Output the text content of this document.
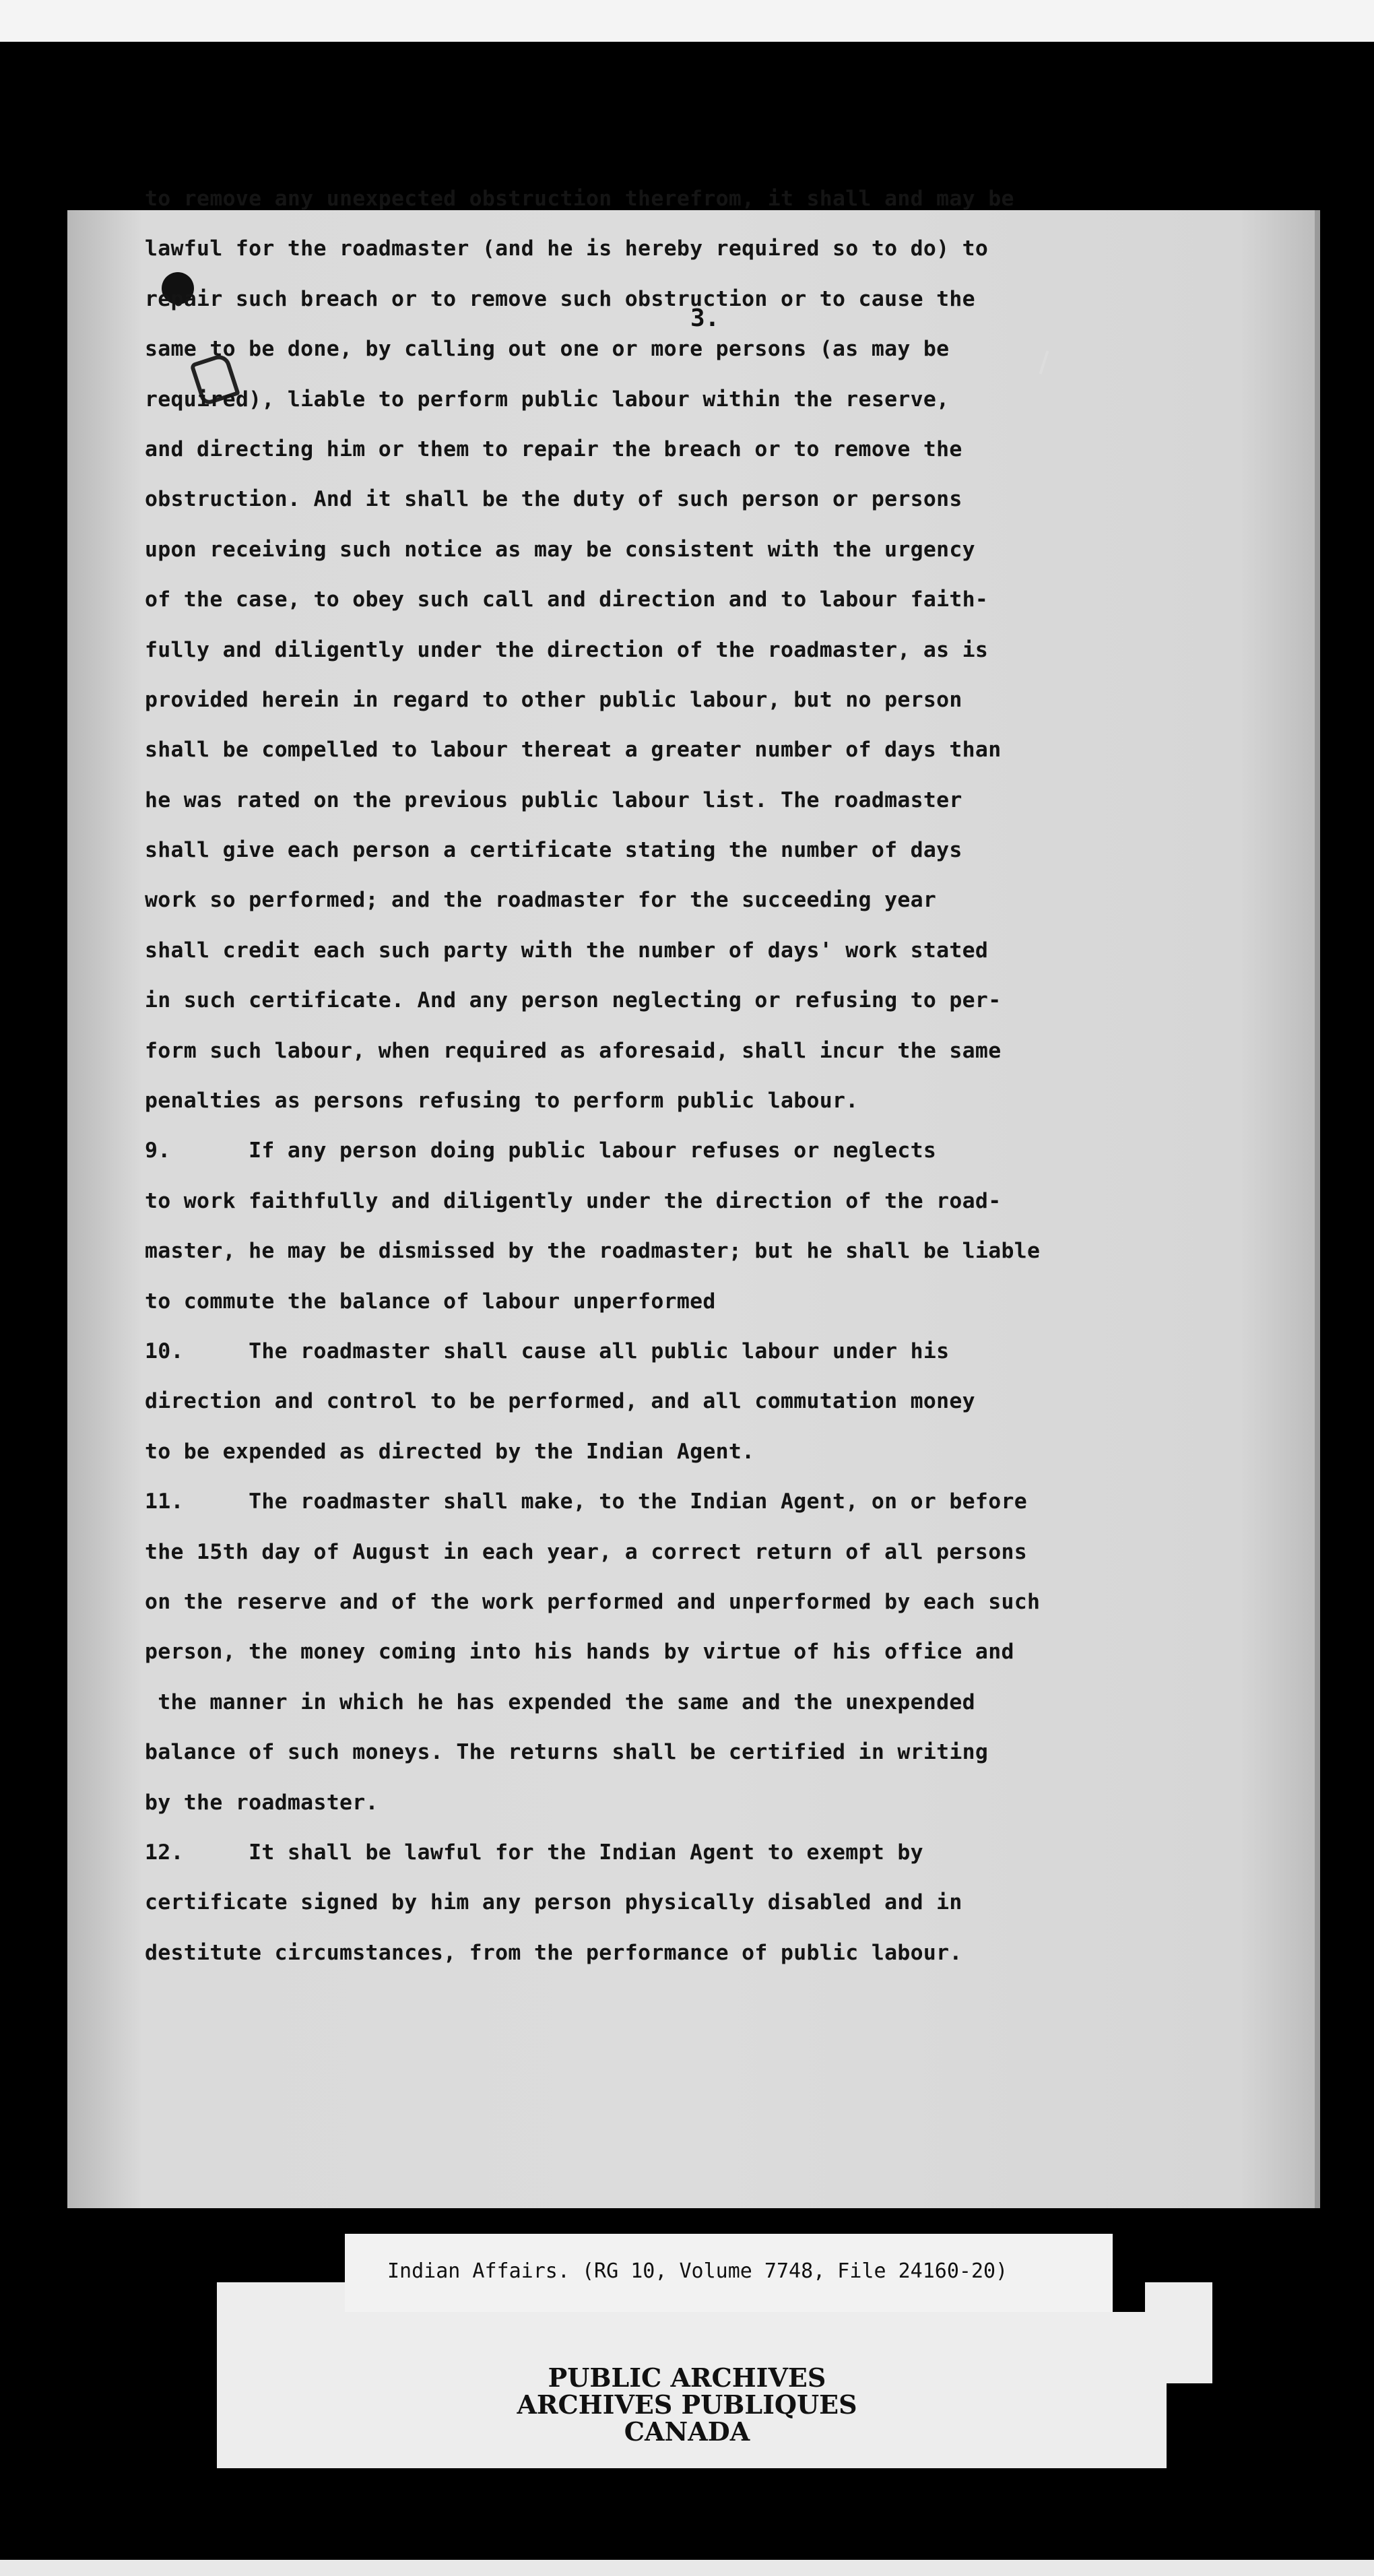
3.
to remove any unexpected obstruction therefrom, it shall and may be
lawful for the roadmaster (and he is hereby required so to do) to
repair such breach or to remove such obstruction or to cause the
same to be done, by calling out one or more persons (as may be
required), liable to perform public labour within the reserve,
and directing him or them to repair the breach or to remove the
obstruction. And it shall be the duty of such person or persons
upon receiving such notice as may be consistent with the urgency
of the case, to obey such call and direction and to labour faith-
fully and diligently under the direction of the roadmaster, as is
provided herein in regard to other public labour, but no person
shall be compelled to labour thereat a greater number of days than
he was rated on the previous public labour list. The roadmaster
shall give each person a certificate stating the number of days
work so performed; and the roadmaster for the succeeding year
shall credit each such party with the number of days' work stated
in such certificate. And any person neglecting or refusing to per-
form such labour, when required as aforesaid, shall incur the same
penalties as persons refusing to perform public labour.
9.      If any person doing public labour refuses or neglects
to work faithfully and diligently under the direction of the road-
master, he may be dismissed by the roadmaster; but he shall be liable
to commute the balance of labour unperformed
10.     The roadmaster shall cause all public labour under his
direction and control to be performed, and all commutation money
to be expended as directed by the Indian Agent.
11.     The roadmaster shall make, to the Indian Agent, on or before
the 15th day of August in each year, a correct return of all persons
on the reserve and of the work performed and unperformed by each such
person, the money coming into his hands by virtue of his office and
the manner in which he has expended the same and the unexpended
balance of such moneys. The returns shall be certified in writing
by the roadmaster.
12.     It shall be lawful for the Indian Agent to exempt by
certificate signed by him any person physically disabled and in
destitute circumstances, from the performance of public labour.
Indian Affairs. (RG 10, Volume 7748, File 24160-20)
PUBLIC ARCHIVES
ARCHIVES PUBLIQUES
CANADA
